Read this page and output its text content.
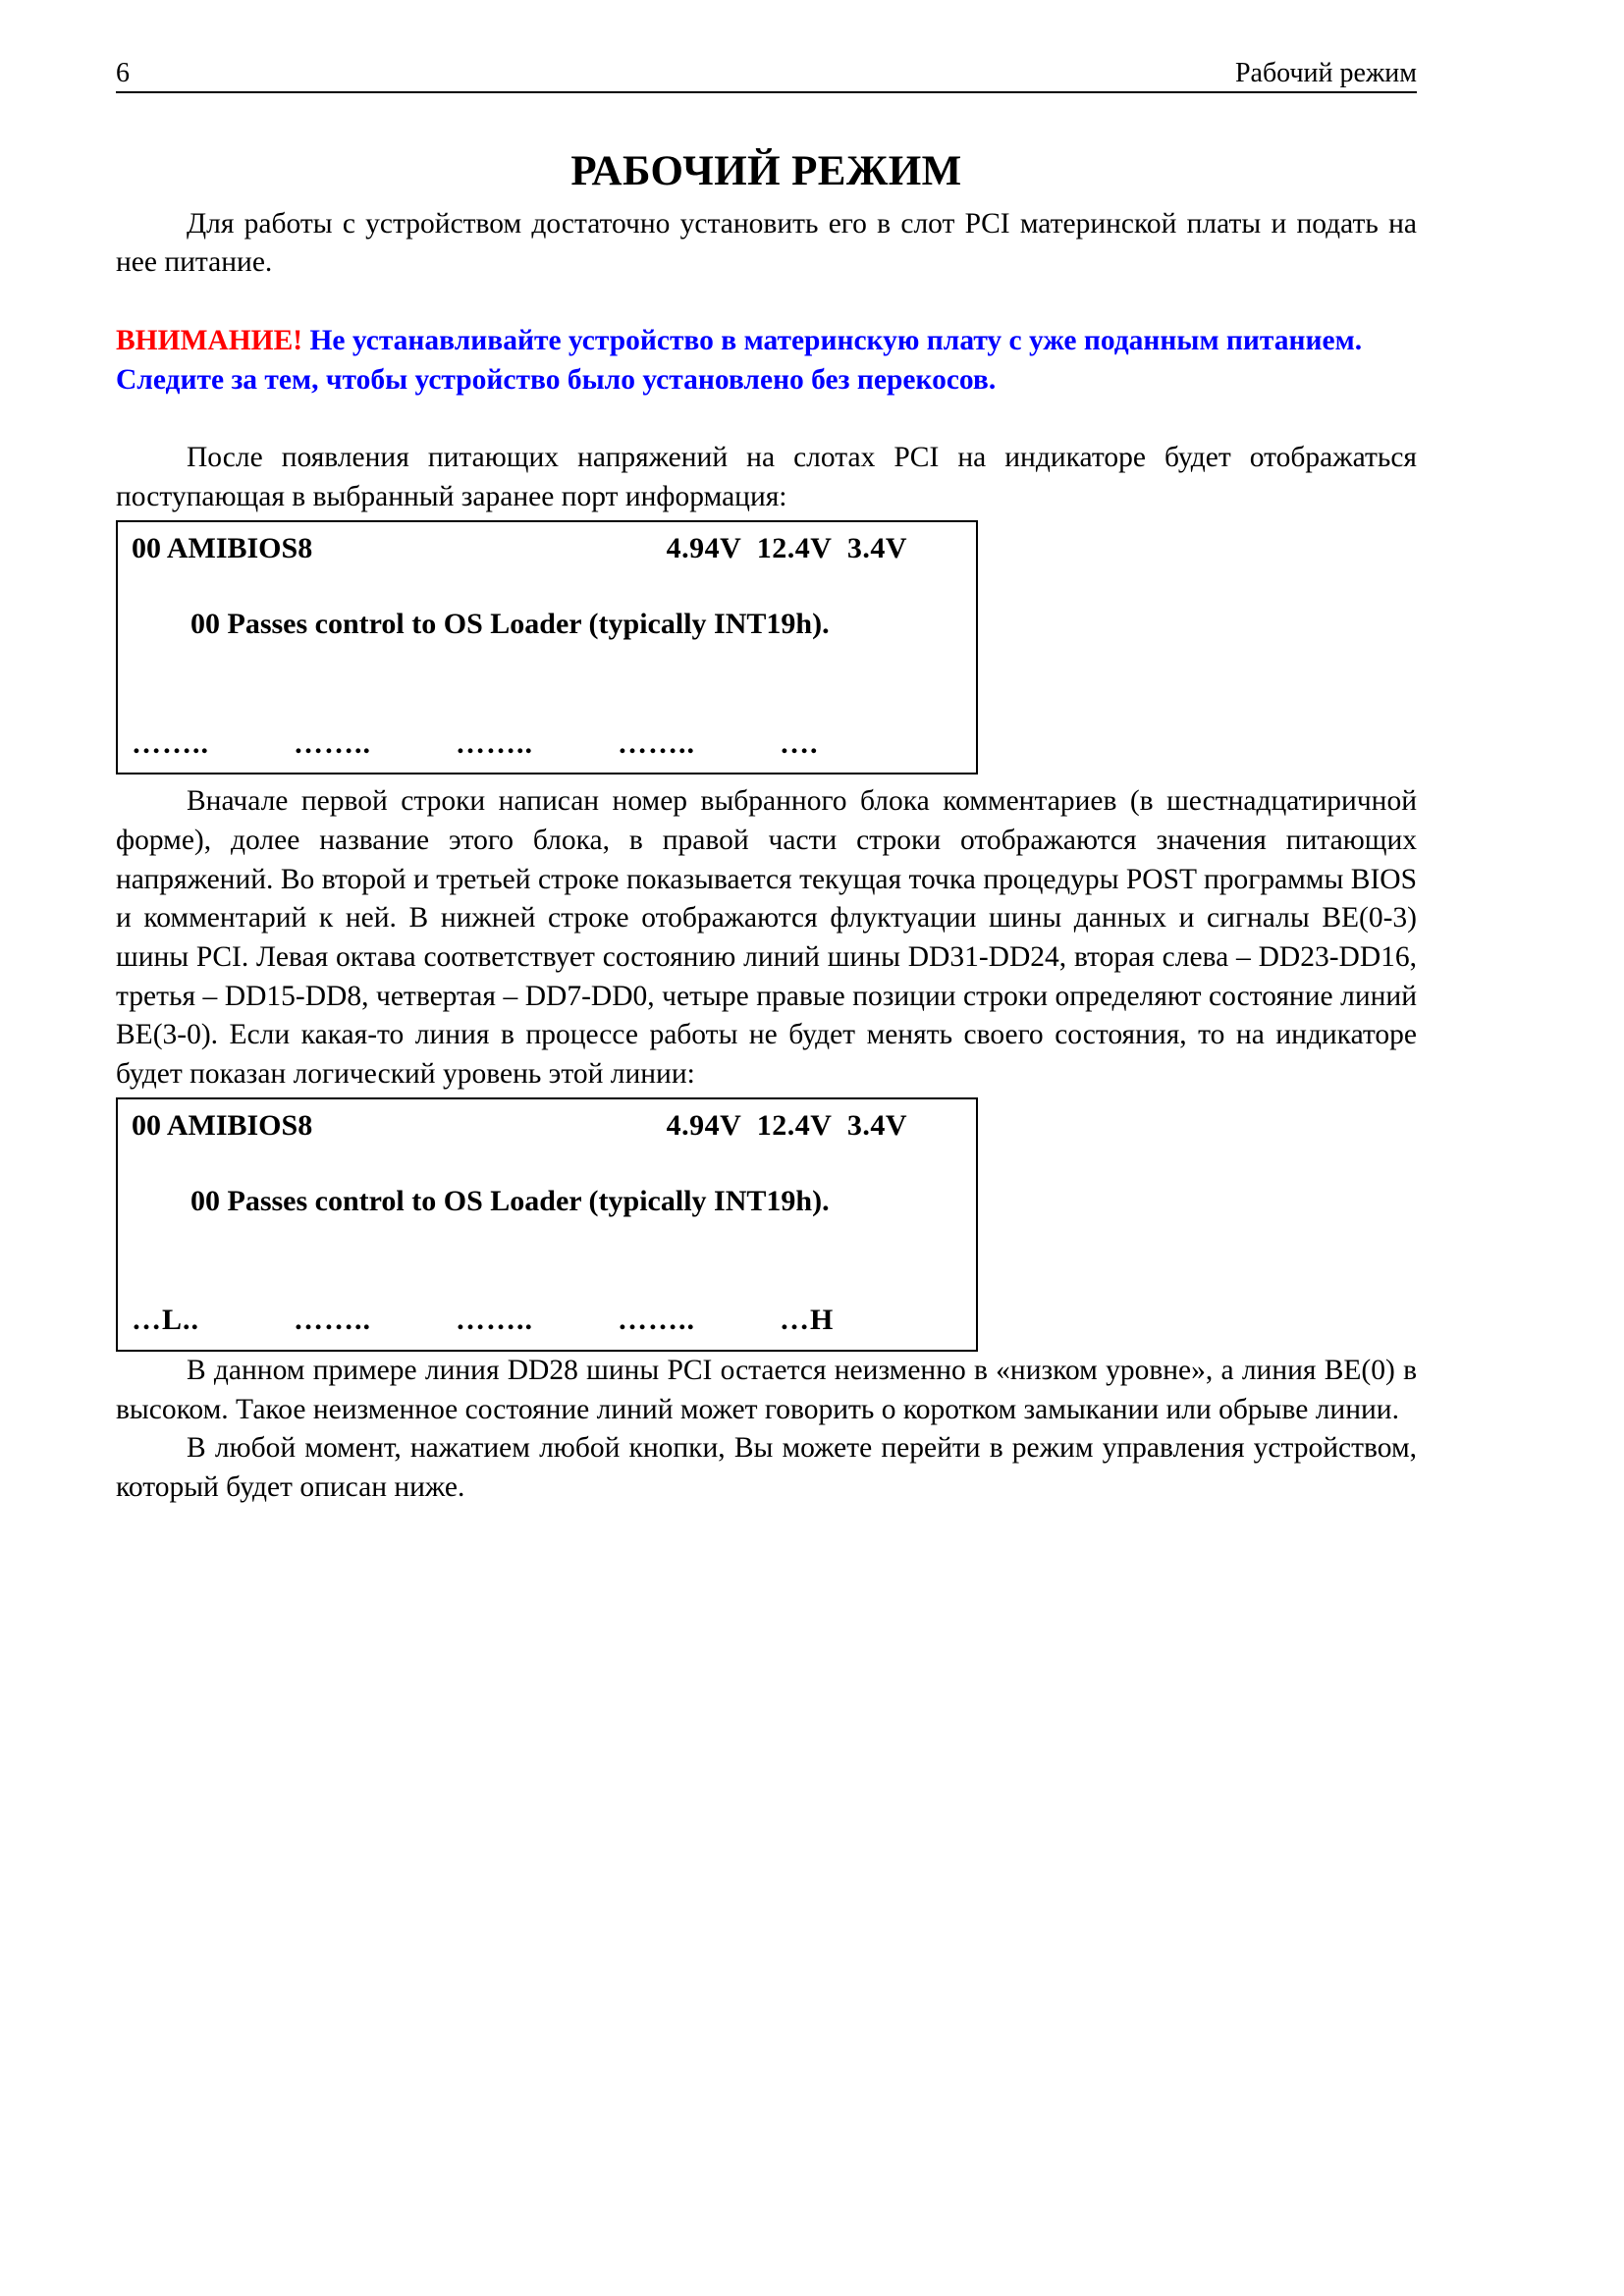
6	Рабочий режим
РАБОЧИЙ РЕЖИМ

Для работы с устройством достаточно установить его в слот PCI материнской платы и подать на нее питание.

ВНИМАНИЕ! Не устанавливайте устройство в материнскую плату с уже поданным питанием. Следите за тем, чтобы устройство было установлено без перекосов.

После появления питающих напряжений на слотах PCI на индикаторе будет отображаться поступающая в выбранный заранее порт информация:

00 AMIBIOS8	4.94V  12.4V  3.4V

00 Passes control to OS Loader (typically INT19h).

……..	……..	……..	……..	….

Вначале первой строки написан номер выбранного блока комментариев (в шестнадцатиричной форме), долее название этого блока, в правой части строки отображаются значения питающих напряжений. Во второй и третьей строке показывается текущая точка процедуры POST программы BIOS и комментарий к ней. В нижней строке отображаются флуктуации шины данных и сигналы BE(0-3) шины PCI. Левая октава соответствует состоянию линий шины DD31-DD24, вторая слева – DD23-DD16, третья – DD15-DD8, четвертая – DD7-DD0, четыре правые позиции строки определяют состояние линий BE(3-0). Если какая-то линия в процессе работы не будет менять своего состояния, то на индикаторе будет показан логический уровень этой линии:

00 AMIBIOS8	4.94V  12.4V  3.4V

00 Passes control to OS Loader (typically INT19h).

…L..	……..	……..	……..	…H

В данном примере линия DD28 шины PCI остается неизменно в «низком уровне», а линия BE(0) в высоком. Такое неизменное состояние линий может говорить о коротком замыкании или обрыве линии.

В любой момент, нажатием любой кнопки, Вы можете перейти в режим управления устройством, который будет описан ниже.
